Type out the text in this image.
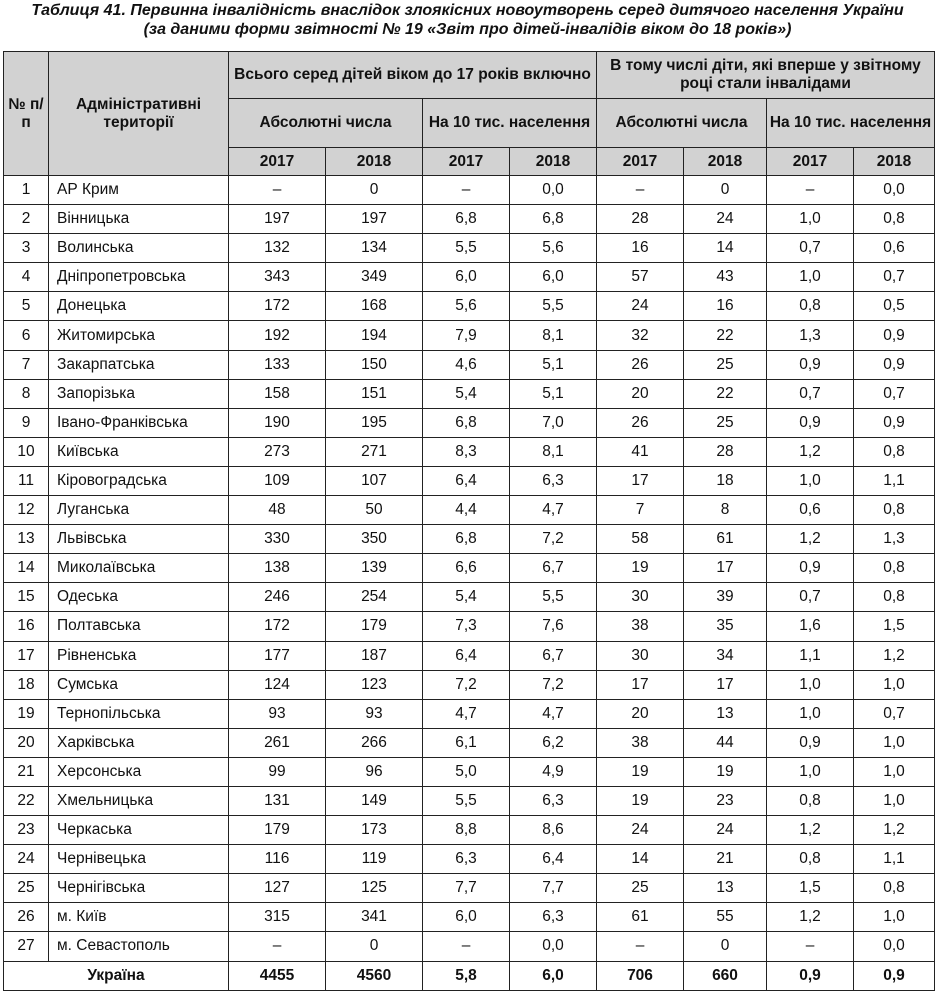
Таблиця 41. Первинна інвалідність внаслідок злоякісних новоутворень серед дитячого населення України
(за даними форми звітності № 19 «Звіт про дітей-інвалідів віком до 18 років»)
№ п/п	Адміністративні території	Всього серед дітей віком до 17 років включно				В тому числі діти, які вперше у звітному році стали інвалідами			
		Абсолютні числа		На 10 тис. населення		Абсолютні числа		На 10 тис. населення	
		2017	2018	2017	2018	2017	2018	2017	2018
1	АР Крим	–	0	–	0,0	–	0	–	0,0
2	Вінницька	197	197	6,8	6,8	28	24	1,0	0,8
3	Волинська	132	134	5,5	5,6	16	14	0,7	0,6
4	Дніпропетровська	343	349	6,0	6,0	57	43	1,0	0,7
5	Донецька	172	168	5,6	5,5	24	16	0,8	0,5
6	Житомирська	192	194	7,9	8,1	32	22	1,3	0,9
7	Закарпатська	133	150	4,6	5,1	26	25	0,9	0,9
8	Запорізька	158	151	5,4	5,1	20	22	0,7	0,7
9	Івано-Франківська	190	195	6,8	7,0	26	25	0,9	0,9
10	Київська	273	271	8,3	8,1	41	28	1,2	0,8
11	Кіровоградська	109	107	6,4	6,3	17	18	1,0	1,1
12	Луганська	48	50	4,4	4,7	7	8	0,6	0,8
13	Львівська	330	350	6,8	7,2	58	61	1,2	1,3
14	Миколаївська	138	139	6,6	6,7	19	17	0,9	0,8
15	Одеська	246	254	5,4	5,5	30	39	0,7	0,8
16	Полтавська	172	179	7,3	7,6	38	35	1,6	1,5
17	Рівненська	177	187	6,4	6,7	30	34	1,1	1,2
18	Сумська	124	123	7,2	7,2	17	17	1,0	1,0
19	Тернопільська	93	93	4,7	4,7	20	13	1,0	0,7
20	Харківська	261	266	6,1	6,2	38	44	0,9	1,0
21	Херсонська	99	96	5,0	4,9	19	19	1,0	1,0
22	Хмельницька	131	149	5,5	6,3	19	23	0,8	1,0
23	Черкаська	179	173	8,8	8,6	24	24	1,2	1,2
24	Чернівецька	116	119	6,3	6,4	14	21	0,8	1,1
25	Чернігівська	127	125	7,7	7,7	25	13	1,5	0,8
26	м. Київ	315	341	6,0	6,3	61	55	1,2	1,0
27	м. Севастополь	–	0	–	0,0	–	0	–	0,0
Україна		4455	4560	5,8	6,0	706	660	0,9	0,9
